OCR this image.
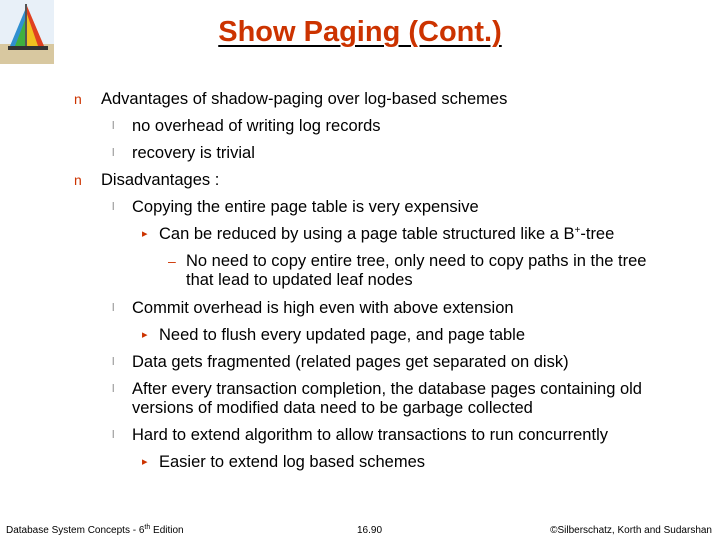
Show Paging (Cont.)
n Advantages of shadow-paging over log-based schemes
l no overhead of writing log records
l recovery is trivial
n Disadvantages :
l Copying the entire page table is very expensive
▸ Can be reduced by using a page table structured like a B+-tree
– No need to copy entire tree, only need to copy paths in the tree
that lead to updated leaf nodes
l Commit overhead is high even with above extension
▸ Need to flush every updated page, and page table
l Data gets fragmented (related pages get separated on disk)
l After every transaction completion, the database pages containing old
versions of modified data need to be garbage collected
l Hard to extend algorithm to allow transactions to run concurrently
▸ Easier to extend log based schemes
Database System Concepts - 6th Edition	16.90	©Silberschatz, Korth and Sudarshan
